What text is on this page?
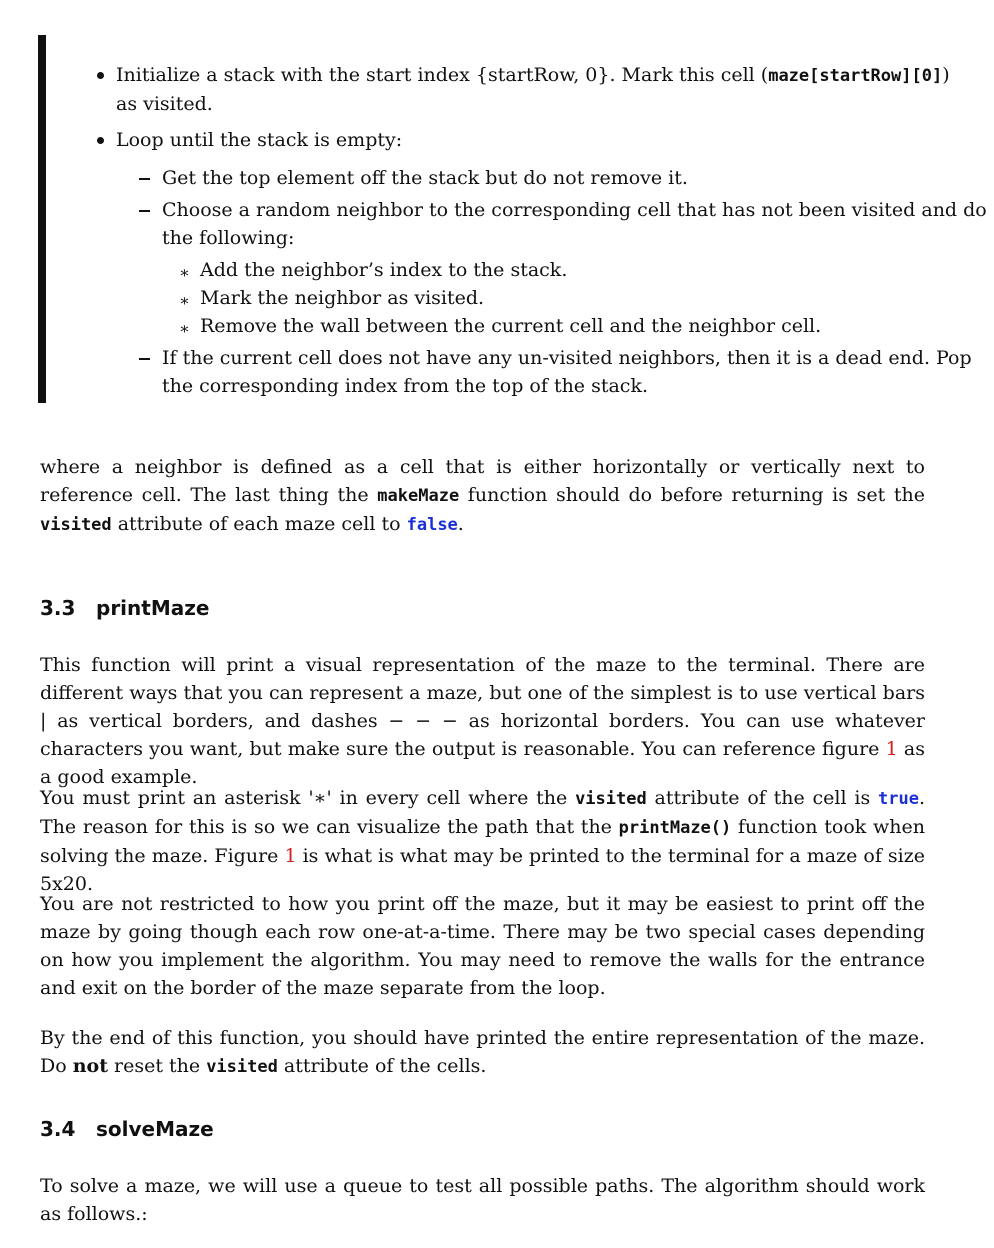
Initialize a stack with the start index {startRow, 0}. Mark this cell (maze[startRow][0])
as visited.
Loop until the stack is empty:
Get the top element off the stack but do not remove it.
Choose a random neighbor to the corresponding cell that has not been visited and do
the following:
∗ Add the neighbor’s index to the stack.
∗ Mark the neighbor as visited.
∗ Remove the wall between the current cell and the neighbor cell.
If the current cell does not have any un-visited neighbors, then it is a dead end. Pop
the corresponding index from the top of the stack.
where a neighbor is defined as a cell that is either horizontally or vertically next to reference cell. The last thing the makeMaze function should do before returning is set the visited attribute of each maze cell to false.
3.3 printMaze
This function will print a visual representation of the maze to the terminal. There are different ways that you can represent a maze, but one of the simplest is to use vertical bars | as vertical borders, and dashes − − − as horizontal borders. You can use whatever characters you want, but make sure the output is reasonable. You can reference figure 1 as a good example.
You must print an asterisk '∗' in every cell where the visited attribute of the cell is true. The reason for this is so we can visualize the path that the printMaze() function took when solving the maze. Figure 1 is what is what may be printed to the terminal for a maze of size 5x20.
You are not restricted to how you print off the maze, but it may be easiest to print off the maze by going though each row one-at-a-time. There may be two special cases depending on how you implement the algorithm. You may need to remove the walls for the entrance and exit on the border of the maze separate from the loop.
By the end of this function, you should have printed the entire representation of the maze. Do not reset the visited attribute of the cells.
3.4 solveMaze
To solve a maze, we will use a queue to test all possible paths. The algorithm should work as follows.:
